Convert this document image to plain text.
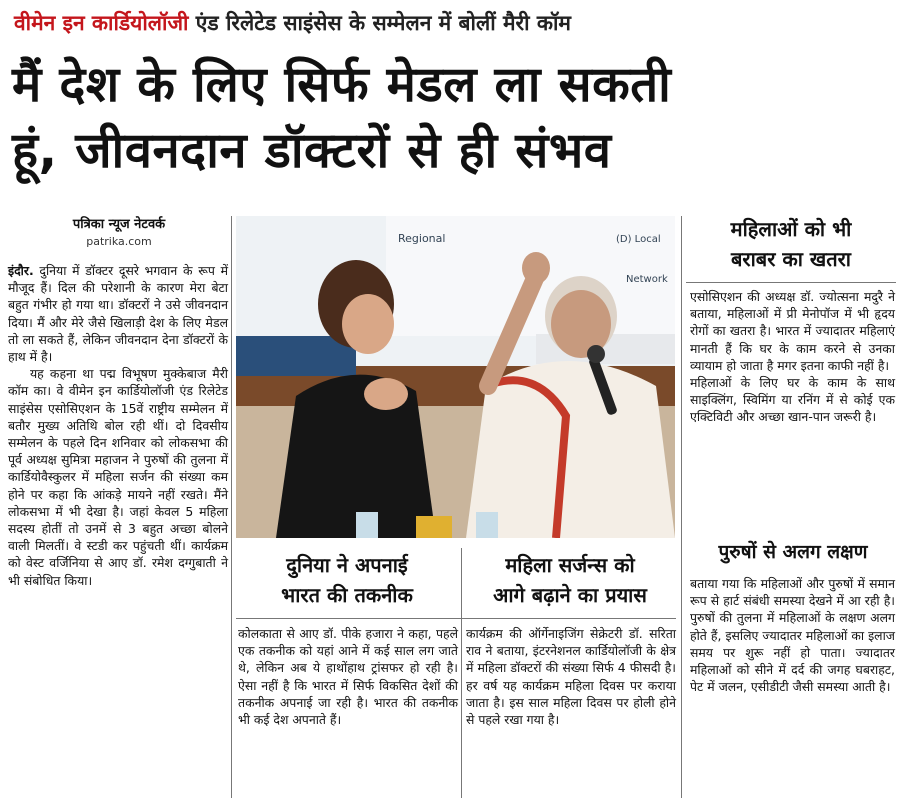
वीमेन इन कार्डियोलॉजी एंड रिलेटेड साइंसेस के सम्मेलन में बोलीं मैरी कॉम
मैं देश के लिए सिर्फ मेडल ला सकती
हूं, जीवनदान डॉक्टरों से ही संभव
पत्रिका न्यूज नेटवर्क
patrika.com

इंदौर. दुनिया में डॉक्टर दूसरे भगवान के रूप में मौजूद हैं। दिल की परेशानी के कारण मेरा बेटा बहुत गंभीर हो गया था। डॉक्टरों ने उसे जीवनदान दिया। मैं और मेरे जैसे खिलाड़ी देश के लिए मेडल तो ला सकते हैं, लेकिन जीवनदान देना डॉक्टरों के हाथ में है।

यह कहना था पद्म विभूषण मुक्केबाज मैरी कॉम का। वे वीमेन इन कार्डियोलॉजी एंड रिलेटेड साइंसेस एसोसिएशन के 15वें राष्ट्रीय सम्मेलन में बतौर मुख्य अतिथि बोल रही थीं। दो दिवसीय सम्मेलन के पहले दिन शनिवार को लोकसभा की पूर्व अध्यक्ष सुमित्रा महाजन ने पुरुषों की तुलना में कार्डियोवैस्कुलर में महिला सर्जन की संख्या कम होने पर कहा कि आंकड़े मायने नहीं रखते। मैंने लोकसभा में भी देखा है। जहां केवल 5 महिला सदस्य होतीं तो उनमें से 3 बहुत अच्छा बोलने वाली मिलतीं। वे स्टडी कर पहुंचती थीं। कार्यक्रम को वेस्ट वर्जिनिया से आए डॉ. रमेश दग्गुबाती ने भी संबोधित किया।

Regional
Network
(D) Local
दुनिया ने अपनाई
भारत की तकनीक

कोलकाता से आए डॉ. पीके हजारा ने कहा, पहले एक तकनीक को यहां आने में कई साल लग जाते थे, लेकिन अब ये हाथोंहाथ ट्रांसफर हो रही है। ऐसा नहीं है कि भारत में सिर्फ विकसित देशों की तकनीक अपनाई जा रही है। भारत की तकनीक भी कई देश अपनाते हैं।

महिला सर्जन्स को
आगे बढ़ाने का प्रयास

कार्यक्रम की ऑर्गेनाइजिंग सेक्रेटरी डॉ. सरिता राव ने बताया, इंटरनेशनल कार्डियोलॉजी के क्षेत्र में महिला डॉक्टरों की संख्या सिर्फ 4 फीसदी है। हर वर्ष यह कार्यक्रम महिला दिवस पर कराया जाता है। इस साल महिला दिवस पर होली होने से पहले रखा गया है।

महिलाओं को भी
बराबर का खतरा

एसोसिएशन की अध्यक्ष डॉ. ज्योत्सना मदुरै ने बताया, महिलाओं में प्री मेनोपॉज में भी हृदय रोगों का खतरा है। भारत में ज्यादातर महिलाएं मानती हैं कि घर के काम करने से उनका व्यायाम हो जाता है मगर इतना काफी नहीं है।

महिलाओं के लिए घर के काम के साथ साइक्लिंग, स्विमिंग या रनिंग में से कोई एक एक्टिविटी और अच्छा खान-पान जरूरी है।

पुरुषों से अलग लक्षण

बताया गया कि महिलाओं और पुरुषों में समान रूप से हार्ट संबंधी समस्या देखने में आ रही है। पुरुषों की तुलना में महिलाओं के लक्षण अलग होते हैं, इसलिए ज्यादातर महिलाओं का इलाज समय पर शुरू नहीं हो पाता। ज्यादातर महिलाओं को सीने में दर्द की जगह घबराहट, पेट में जलन, एसीडीटी जैसी समस्या आती है।
